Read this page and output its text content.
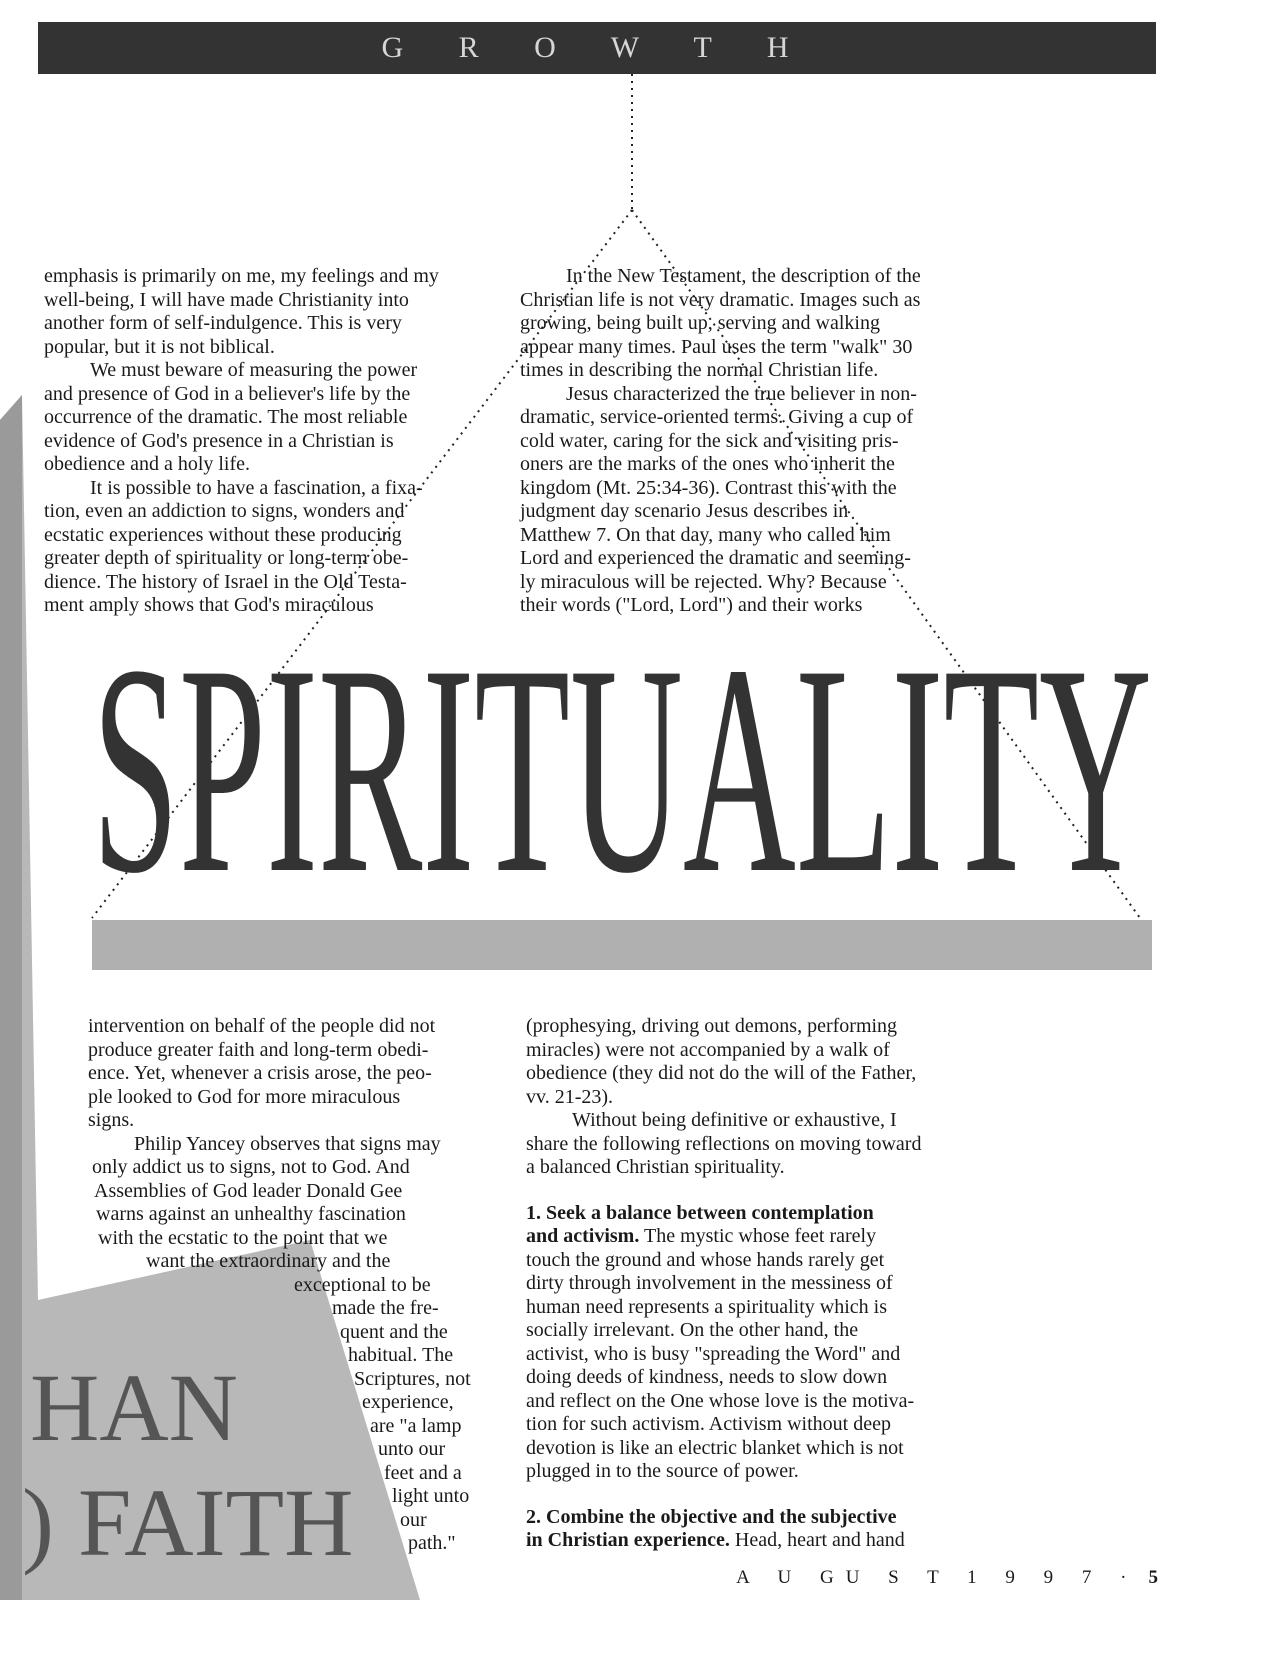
G R O W T H
HAN
) FAITH
SPIRITUALITY

emphasis is primarily on me, my feelings and my
well-being, I will have made Christianity into
another form of self-indulgence. This is very
popular, but it is not biblical.

We must beware of measuring the power
and presence of God in a believer's life by the
occurrence of the dramatic. The most reliable
evidence of God's presence in a Christian is
obedience and a holy life.

It is possible to have a fascination, a fixa-
tion, even an addiction to signs, wonders and
ecstatic experiences without these producing
greater depth of spirituality or long-term obe-
dience. The history of Israel in the Old Testa-
ment amply shows that God's miraculous

In the New Testament, the description of the
Christian life is not very dramatic. Images such as
growing, being built up, serving and walking
appear many times. Paul uses the term "walk" 30
times in describing the normal Christian life.

Jesus characterized the true believer in non-
dramatic, service-oriented terms. Giving a cup of
cold water, caring for the sick and visiting pris-
oners are the marks of the ones who inherit the
kingdom (Mt. 25:34-36). Contrast this with the
judgment day scenario Jesus describes in
Matthew 7. On that day, many who called him
Lord and experienced the dramatic and seeming-
ly miraculous will be rejected. Why? Because
their words ("Lord, Lord") and their works

intervention on behalf of the people did not
produce greater faith and long-term obedi-
ence. Yet, whenever a crisis arose, the peo-
ple looked to God for more miraculous
signs.

Philip Yancey observes that signs may
only addict us to signs, not to God. And
Assemblies of God leader Donald Gee
warns against an unhealthy fascination
with the ecstatic to the point that we
want the extraordinary and the
exceptional to be
made the fre-
quent and the
habitual. The
Scriptures, not
experience,
are "a lamp
unto our
feet and a
light unto
our
path."

(prophesying, driving out demons, performing
miracles) were not accompanied by a walk of
obedience (they did not do the will of the Father,
vv. 21-23).

Without being definitive or exhaustive, I
share the following reflections on moving toward
a balanced Christian spirituality.

1. Seek a balance between contemplation
and activism. The mystic whose feet rarely
touch the ground and whose hands rarely get
dirty through involvement in the messiness of
human need represents a spirituality which is
socially irrelevant. On the other hand, the
activist, who is busy "spreading the Word" and
doing deeds of kindness, needs to slow down
and reflect on the One whose love is the motiva-
tion for such activism. Activism without deep
devotion is like an electric blanket which is not
plugged in to the source of power.

2. Combine the objective and the subjective
in Christian experience. Head, heart and hand

A U GU S T 1 9 9 7 · 5
